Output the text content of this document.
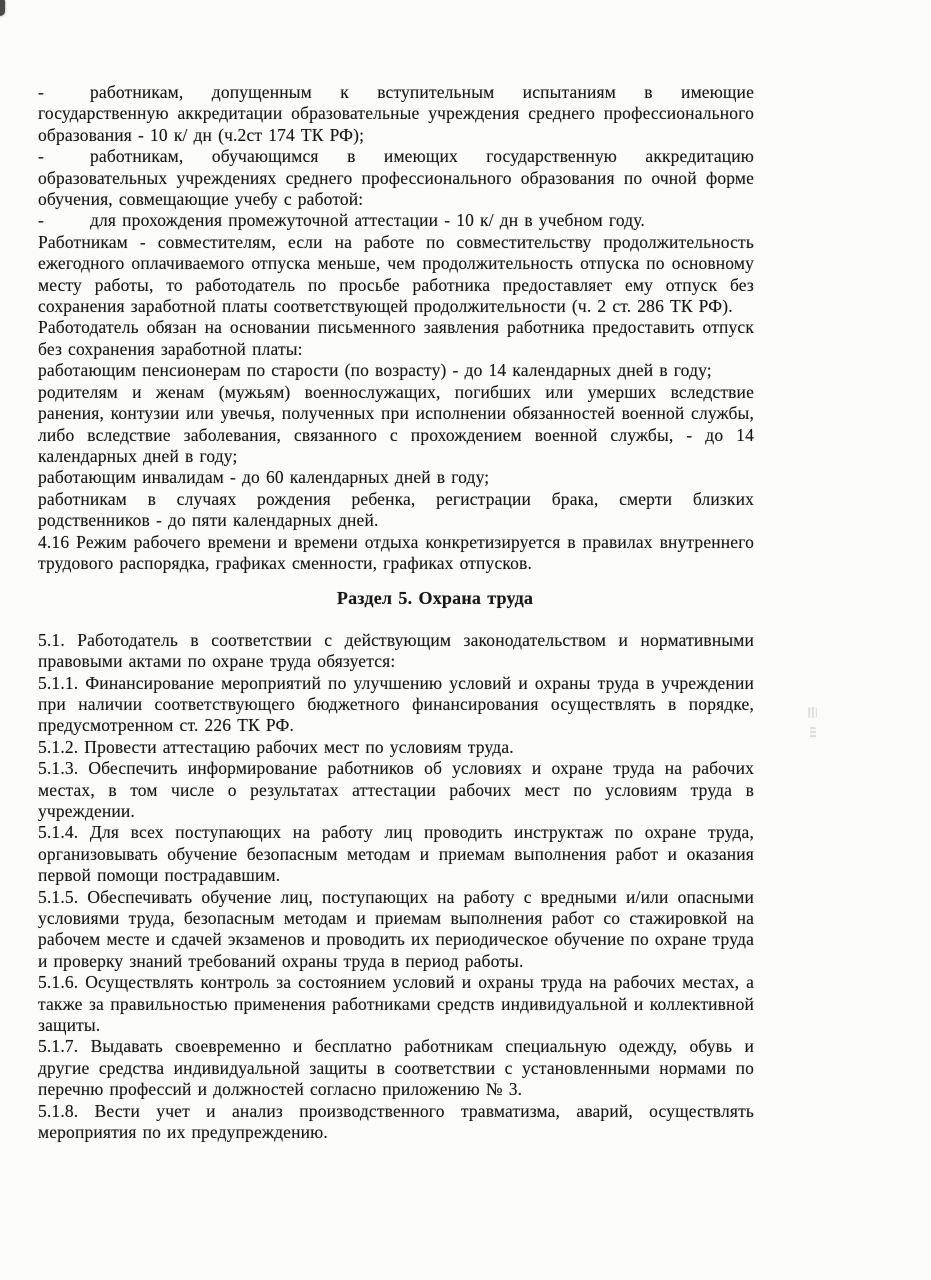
-	работникам, допущенным к вступительным испытаниям в имеющие государственную аккредитации образовательные учреждения среднего профессионального образования - 10 к/ дн (ч.2ст 174 ТК РФ);

-	работникам, обучающимся в имеющих государственную аккредитацию образовательных учреждениях среднего профессионального образования по очной форме обучения, совмещающие учебу с работой:

-	для прохождения промежуточной аттестации - 10 к/ дн в учебном году.

Работникам - совместителям, если на работе по совместительству продолжительность ежегодного оплачиваемого отпуска меньше, чем продолжительность отпуска по основному месту работы, то работодатель по просьбе работника предоставляет ему отпуск без сохранения заработной платы соответствующей продолжительности (ч. 2 ст. 286 ТК РФ).

Работодатель обязан на основании письменного заявления работника предоставить отпуск без сохранения заработной платы:

работающим пенсионерам по старости (по возрасту) - до 14 календарных дней в году;

родителям и женам (мужьям) военнослужащих, погибших или умерших вследствие ранения, контузии или увечья, полученных при исполнении обязанностей военной службы, либо вследствие заболевания, связанного с прохождением военной службы, - до 14 календарных дней в году;

работающим инвалидам - до 60 календарных дней в году;

работникам в случаях рождения ребенка, регистрации брака, смерти близких родственников - до пяти календарных дней.

4.16 Режим рабочего времени и времени отдыха конкретизируется в правилах внутреннего трудового распорядка, графиках сменности, графиках отпусков.

Раздел 5. Охрана труда

5.1. Работодатель в соответствии с действующим законодательством и нормативными правовыми актами по охране труда обязуется:

5.1.1. Финансирование мероприятий по улучшению условий и охраны труда в учреждении при наличии соответствующего бюджетного финансирования осуществлять в порядке, предусмотренном ст. 226 ТК РФ.

5.1.2. Провести аттестацию рабочих мест по условиям труда.

5.1.3. Обеспечить информирование работников об условиях и охране труда на рабочих местах, в том числе о результатах аттестации рабочих мест по условиям труда в учреждении.

5.1.4. Для всех поступающих на работу лиц проводить инструктаж по охране труда, организовывать обучение безопасным методам и приемам выполнения работ и оказания первой помощи пострадавшим.

5.1.5. Обеспечивать обучение лиц, поступающих на работу с вредными и/или опасными условиями труда, безопасным методам и приемам выполнения работ со стажировкой на рабочем месте и сдачей экзаменов и проводить их периодическое обучение по охране труда и проверку знаний требований охраны труда в период работы.

5.1.6. Осуществлять контроль за состоянием условий и охраны труда на рабочих местах, а также за правильностью применения работниками средств индивидуальной и коллективной защиты.

5.1.7. Выдавать своевременно и бесплатно работникам специальную одежду, обувь и другие средства индивидуальной защиты в соответствии с установленными нормами по перечню профессий и должностей согласно приложению № 3.

5.1.8. Вести учет и анализ производственного травматизма, аварий, осуществлять мероприятия по их предупреждению.
